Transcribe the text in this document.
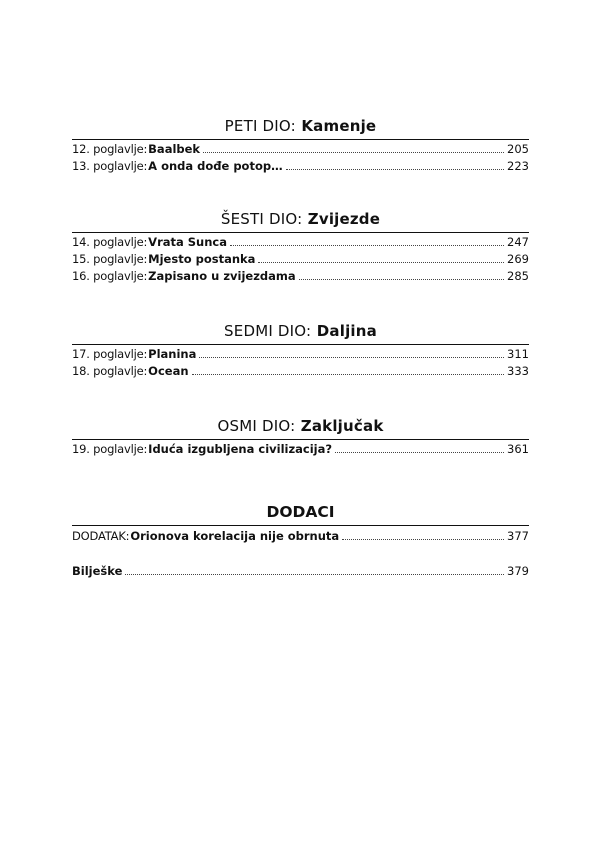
PETI DIO: Kamenje
12. poglavlje: Baalbek	205
13. poglavlje: A onda dođe potop…	223
ŠESTI DIO: Zvijezde
14. poglavlje: Vrata Sunca	247
15. poglavlje: Mjesto postanka	269
16. poglavlje: Zapisano u zvijezdama	285
SEDMI DIO: Daljina
17. poglavlje: Planina	311
18. poglavlje: Ocean	333
OSMI DIO: Zaključak
19. poglavlje: Iduća izgubljena civilizacija?	361
DODACI
DODATAK: Orionova korelacija nije obrnuta	377
Bilješke	379
